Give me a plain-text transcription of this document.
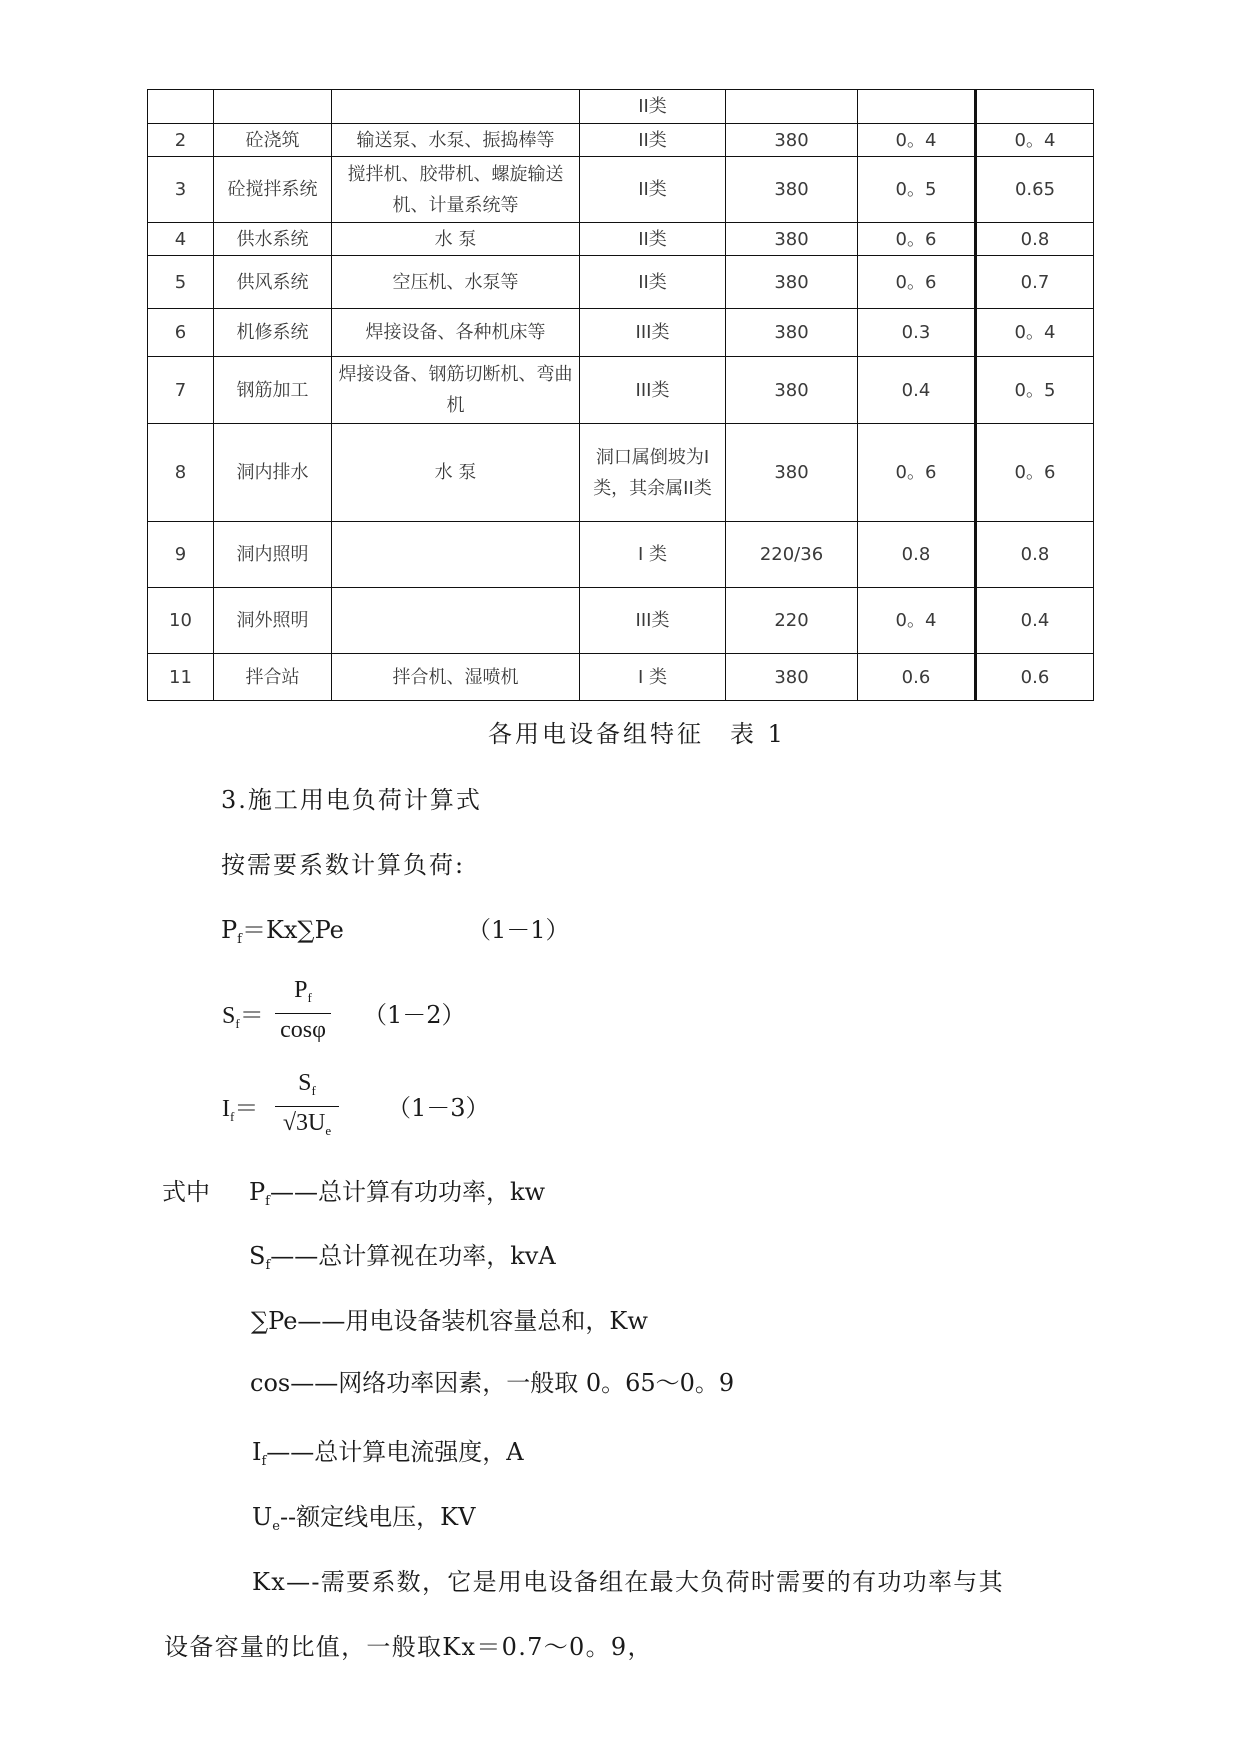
			II类			
2	砼浇筑	输送泵、水泵、振捣棒等	II类	380	0。4	0。4
3	砼搅拌系统	搅拌机、胶带机、螺旋输送机、计量系统等	II类	380	0。5	0.65
4	供水系统	水 泵	II类	380	0。6	0.8
5	供风系统	空压机、水泵等	II类	380	0。6	0.7
6	机修系统	焊接设备、各种机床等	III类	380	0.3	0。4
7	钢筋加工	焊接设备、钢筋切断机、弯曲机	III类	380	0.4	0。5
8	洞内排水	水 泵	洞口属倒坡为I类，其余属II类	380	0。6	0。6
9	洞内照明		I 类	220/36	0.8	0.8
10	洞外照明		III类	220	0。4	0.4
11	拌合站	拌合机、湿喷机	I 类	380	0.6	0.6
各用电设备组特征 表 1
3.施工用电负荷计算式
按需要系数计算负荷:
$P_f=Kx\sum Pe$	（1－1）
$S_f= \frac{P_f}{\cos\varphi} (1-2)$
$I_f= \frac{S_f}{√3U_e} (1-3)$
式中 $P_f——$总计算有功功率，kw
$S_f——$总计算视在功率，kvA
∑Pe——用电设备装机容量总和，Kw
cos——网络功率因素，一般取 0。65～0。9
$I_f——$总计算电流强度，A
$U_e--$额定线电压，KV
Kx—-需要系数，它是用电设备组在最大负荷时需要的有功功率与其
设备容量的比值，一般取Kx＝0.7～0。9，
